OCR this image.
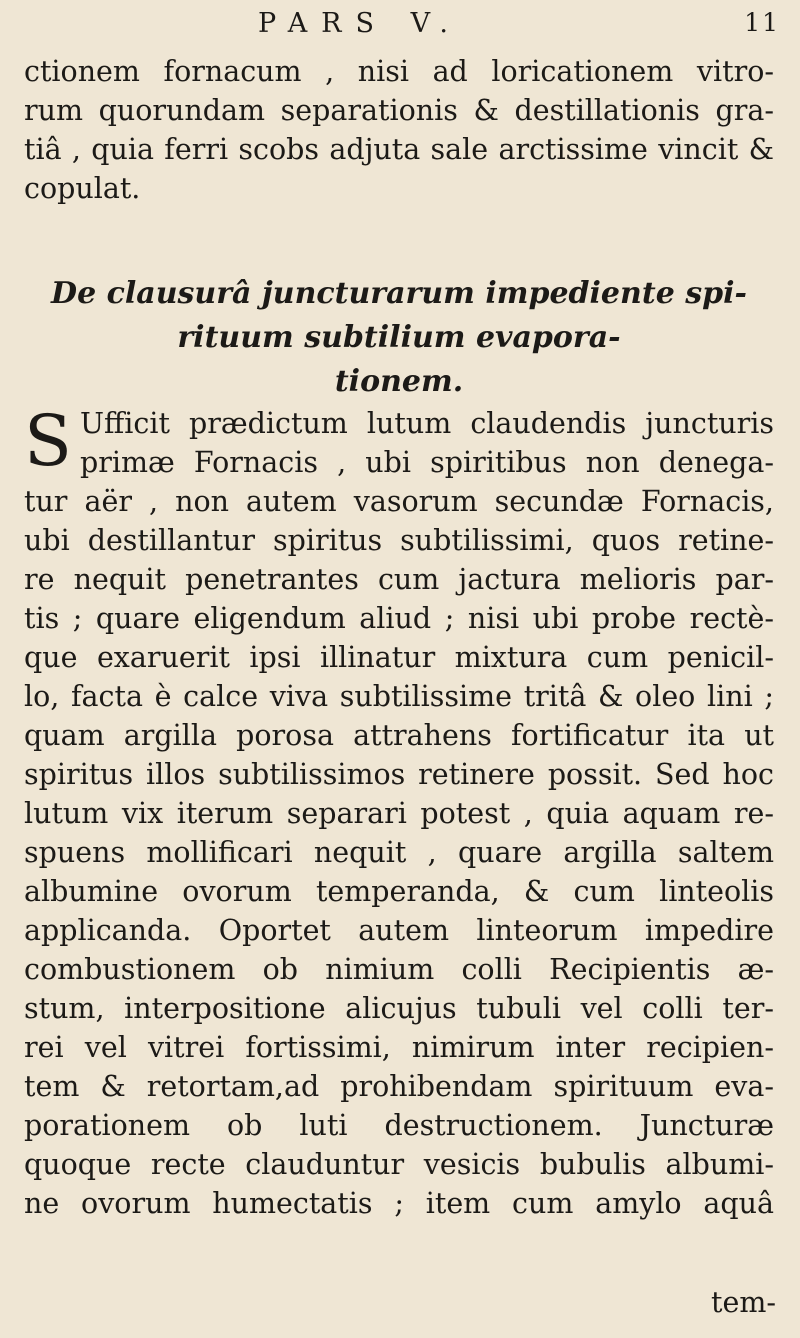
PARS V.	11
ctionem fornacum , nisi ad loricationem vitro-
rum quorundam separationis & destillationis gra-
tiâ , quia ferri scobs adjuta sale arctissime vincit &
copulat.
De clausurâ juncturarum impediente spi-
rituum subtilium evapora-
tionem.
S Ufficit prædictum lutum claudendis juncturis
primæ Fornacis , ubi spiritibus non denega-
tur aër , non autem vasorum secundæ Fornacis,
ubi destillantur spiritus subtilissimi, quos retine-
re nequit penetrantes cum jactura melioris par-
tis ; quare eligendum aliud ; nisi ubi probe rectè-
que exaruerit ipsi illinatur mixtura cum penicil-
lo, facta è calce viva subtilissime tritâ & oleo lini ;
quam argilla porosa attrahens fortificatur ita ut
spiritus illos subtilissimos retinere possit. Sed hoc
lutum vix iterum separari potest , quia aquam re-
spuens mollificari nequit , quare argilla saltem
albumine ovorum temperanda, & cum linteolis
applicanda. Oportet autem linteorum impedire
combustionem ob nimium colli Recipientis æ-
stum, interpositione alicujus tubuli vel colli ter-
rei vel vitrei fortissimi, nimirum inter recipien-
tem & retortam,ad prohibendam spirituum eva-
porationem ob luti destructionem. Juncturæ
quoque recte clauduntur vesicis bubulis albumi-
ne ovorum humectatis ; item cum amylo aquâ
tem-
